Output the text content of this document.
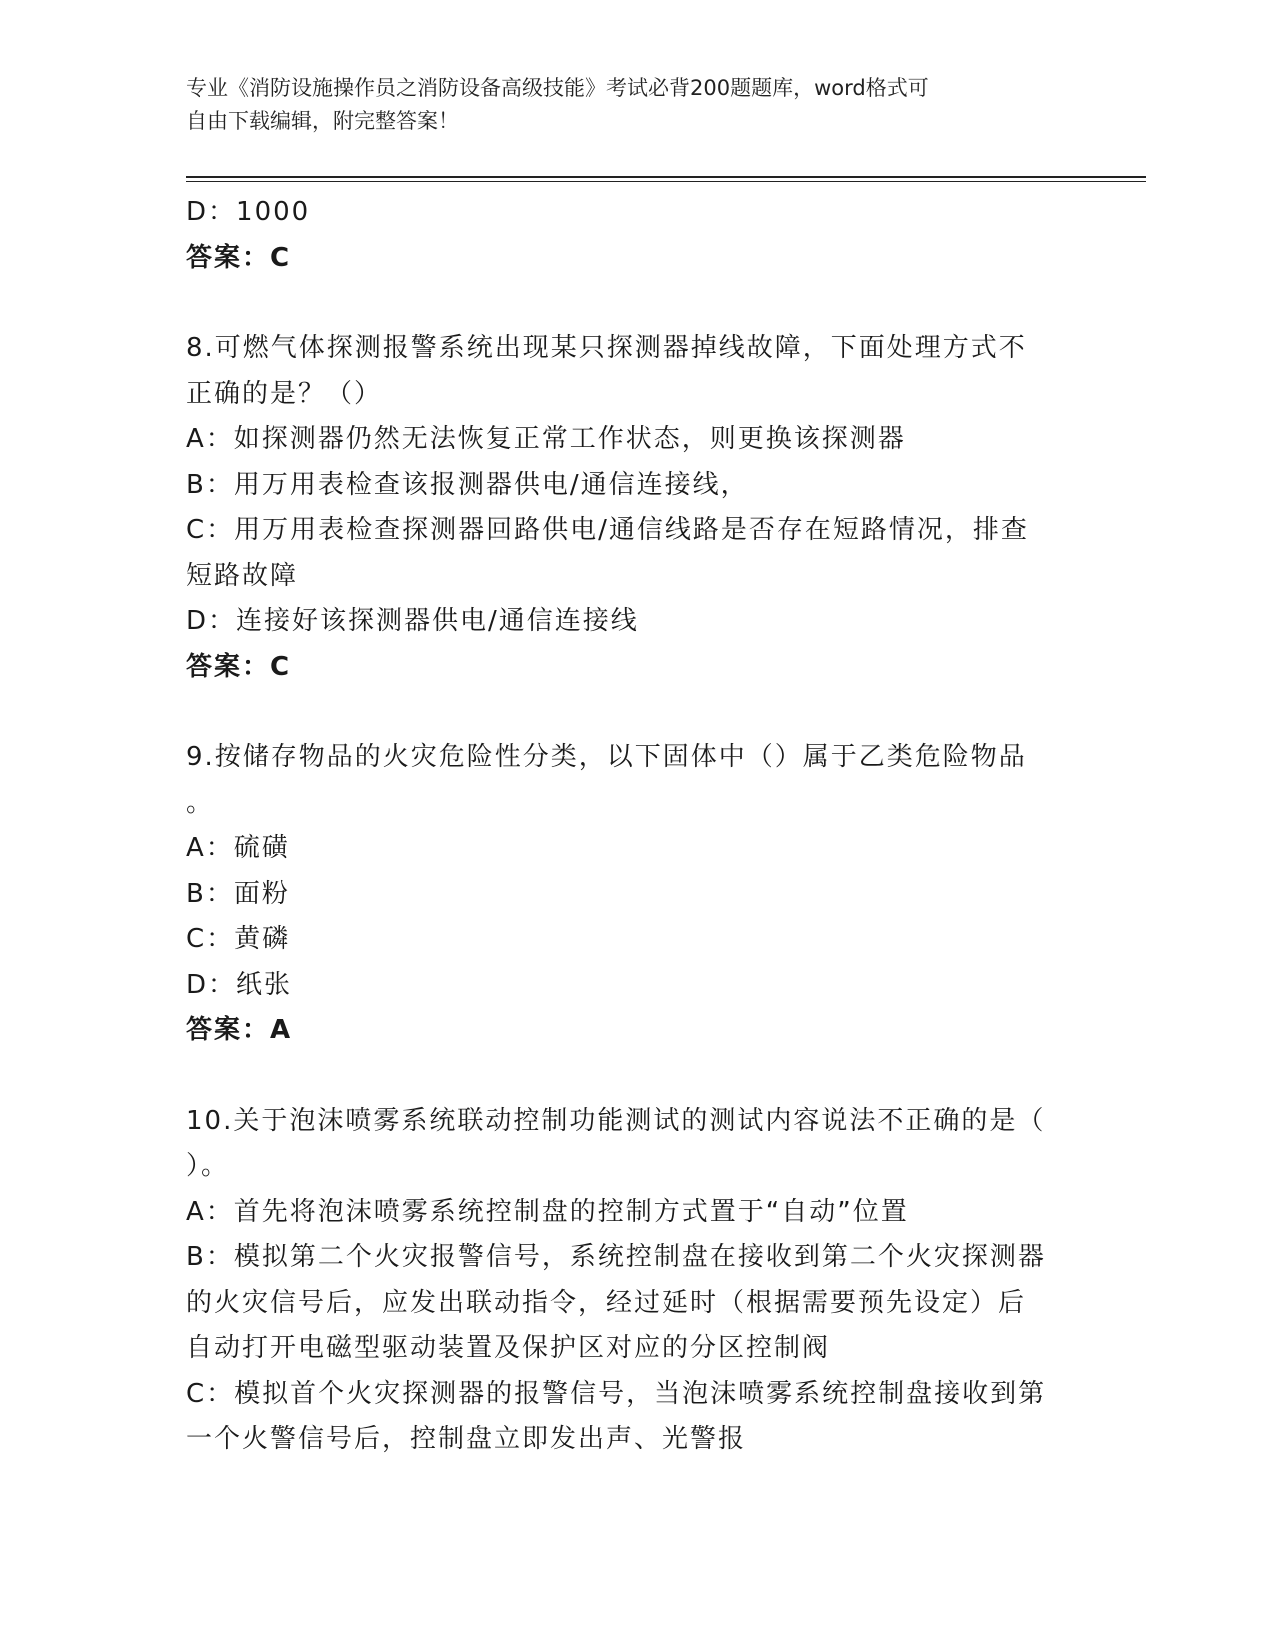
专业《消防设施操作员之消防设备高级技能》考试必背200题题库，word格式可
自由下载编辑，附完整答案！
D：1000
答案：C
8.可燃气体探测报警系统出现某只探测器掉线故障，下面处理方式不
正确的是？（）
A：如探测器仍然无法恢复正常工作状态，则更换该探测器
B：用万用表检查该报测器供电/通信连接线，
C：用万用表检查探测器回路供电/通信线路是否存在短路情况，排查
短路故障
D：连接好该探测器供电/通信连接线
答案：C
9.按储存物品的火灾危险性分类，以下固体中（）属于乙类危险物品
。
A：硫磺
B：面粉
C：黄磷
D：纸张
答案：A
10.关于泡沫喷雾系统联动控制功能测试的测试内容说法不正确的是（
）。
A：首先将泡沫喷雾系统控制盘的控制方式置于“自动”位置
B：模拟第二个火灾报警信号，系统控制盘在接收到第二个火灾探测器
的火灾信号后，应发出联动指令，经过延时（根据需要预先设定）后
自动打开电磁型驱动装置及保护区对应的分区控制阀
C：模拟首个火灾探测器的报警信号，当泡沫喷雾系统控制盘接收到第
一个火警信号后，控制盘立即发出声、光警报
